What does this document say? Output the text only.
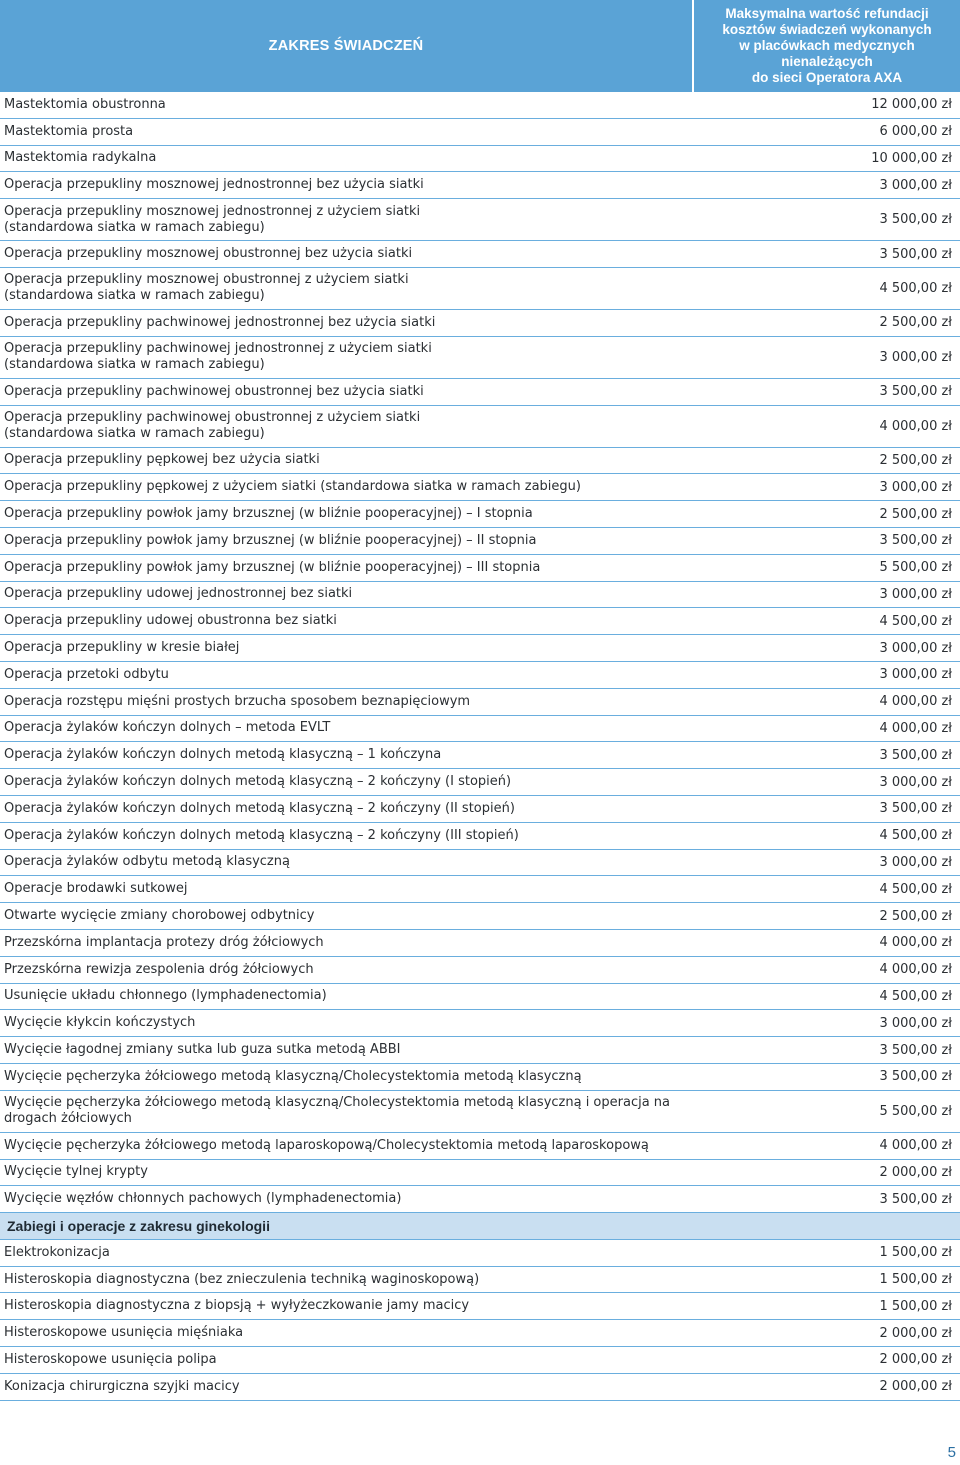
ZAKRES ŚWIADCZEŃ
Maksymalna wartość refundacji
kosztów świadczeń wykonanych
w placówkach medycznych
nienależących
do sieci Operatora AXA
Mastektomia obustronna	12 000,00 zł
Mastektomia prosta	6 000,00 zł
Mastektomia radykalna	10 000,00 zł
Operacja przepukliny mosznowej jednostronnej bez użycia siatki	3 000,00 zł
Operacja przepukliny mosznowej jednostronnej z użyciem siatki
(standardowa siatka w ramach zabiegu)	3 500,00 zł
Operacja przepukliny mosznowej obustronnej bez użycia siatki	3 500,00 zł
Operacja przepukliny mosznowej obustronnej z użyciem siatki
(standardowa siatka w ramach zabiegu)	4 500,00 zł
Operacja przepukliny pachwinowej jednostronnej bez użycia siatki	2 500,00 zł
Operacja przepukliny pachwinowej jednostronnej z użyciem siatki
(standardowa siatka w ramach zabiegu)	3 000,00 zł
Operacja przepukliny pachwinowej obustronnej bez użycia siatki	3 500,00 zł
Operacja przepukliny pachwinowej obustronnej z użyciem siatki
(standardowa siatka w ramach zabiegu)	4 000,00 zł
Operacja przepukliny pępkowej bez użycia siatki	2 500,00 zł
Operacja przepukliny pępkowej z użyciem siatki (standardowa siatka w ramach zabiegu)	3 000,00 zł
Operacja przepukliny powłok jamy brzusznej (w bliźnie pooperacyjnej) – I stopnia	2 500,00 zł
Operacja przepukliny powłok jamy brzusznej (w bliźnie pooperacyjnej) – II stopnia	3 500,00 zł
Operacja przepukliny powłok jamy brzusznej (w bliźnie pooperacyjnej) – III stopnia	5 500,00 zł
Operacja przepukliny udowej jednostronnej bez siatki	3 000,00 zł
Operacja przepukliny udowej obustronna bez siatki	4 500,00 zł
Operacja przepukliny w kresie białej	3 000,00 zł
Operacja przetoki odbytu	3 000,00 zł
Operacja rozstępu mięśni prostych brzucha sposobem beznapięciowym	4 000,00 zł
Operacja żylaków kończyn dolnych – metoda EVLT	4 000,00 zł
Operacja żylaków kończyn dolnych metodą klasyczną – 1 kończyna	3 500,00 zł
Operacja żylaków kończyn dolnych metodą klasyczną – 2 kończyny (I stopień)	3 000,00 zł
Operacja żylaków kończyn dolnych metodą klasyczną – 2 kończyny (II stopień)	3 500,00 zł
Operacja żylaków kończyn dolnych metodą klasyczną – 2 kończyny (III stopień)	4 500,00 zł
Operacja żylaków odbytu metodą klasyczną	3 000,00 zł
Operacje brodawki sutkowej	4 500,00 zł
Otwarte wycięcie zmiany chorobowej odbytnicy	2 500,00 zł
Przezskórna implantacja protezy dróg żółciowych	4 000,00 zł
Przezskórna rewizja zespolenia dróg żółciowych	4 000,00 zł
Usunięcie układu chłonnego (lymphadenectomia)	4 500,00 zł
Wycięcie kłykcin kończystych	3 000,00 zł
Wycięcie łagodnej zmiany sutka lub guza sutka metodą ABBI	3 500,00 zł
Wycięcie pęcherzyka żółciowego metodą klasyczną/Cholecystektomia metodą klasyczną	3 500,00 zł
Wycięcie pęcherzyka żółciowego metodą klasyczną/Cholecystektomia metodą klasyczną i operacja na
drogach żółciowych	5 500,00 zł
Wycięcie pęcherzyka żółciowego metodą laparoskopową/Cholecystektomia metodą laparoskopową	4 000,00 zł
Wycięcie tylnej krypty	2 000,00 zł
Wycięcie węzłów chłonnych pachowych (lymphadenectomia)	3 500,00 zł
Zabiegi i operacje z zakresu ginekologii
Elektrokonizacja	1 500,00 zł
Histeroskopia diagnostyczna (bez znieczulenia techniką waginoskopową)	1 500,00 zł
Histeroskopia diagnostyczna z biopsją + wyłyżeczkowanie jamy macicy	1 500,00 zł
Histeroskopowe usunięcia mięśniaka	2 000,00 zł
Histeroskopowe usunięcia polipa	2 000,00 zł
Konizacja chirurgiczna szyjki macicy	2 000,00 zł
5
